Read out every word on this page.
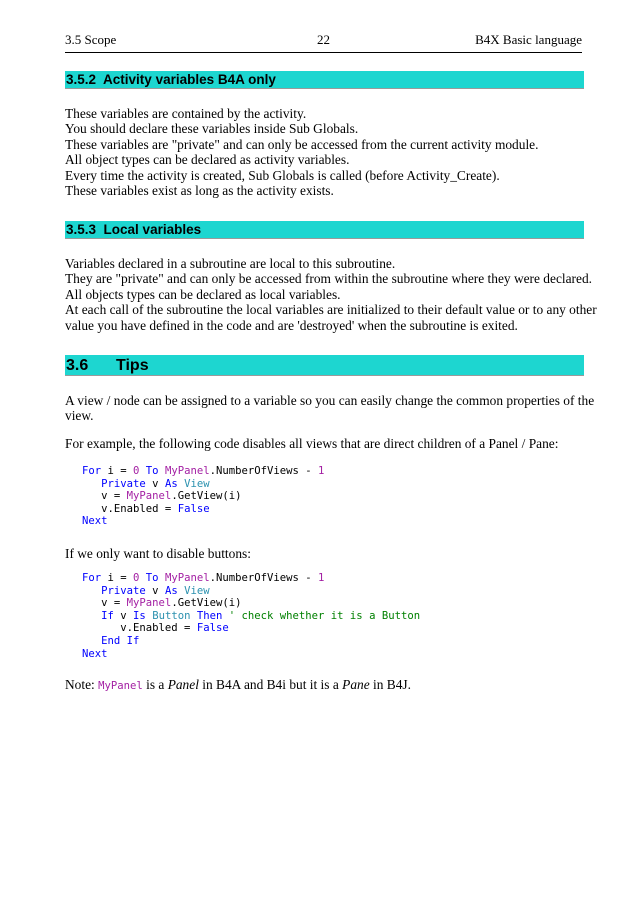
3.5 Scope	22	B4X Basic language
3.5.2 Activity variables B4A only
These variables are contained by the activity.
You should declare these variables inside Sub Globals.
These variables are "private" and can only be accessed from the current activity module.
All object types can be declared as activity variables.
Every time the activity is created, Sub Globals is called (before Activity_Create).
These variables exist as long as the activity exists.
3.5.3 Local variables
Variables declared in a subroutine are local to this subroutine.
They are "private" and can only be accessed from within the subroutine where they were declared.
All objects types can be declared as local variables.
At each call of the subroutine the local variables are initialized to their default value or to any other
value you have defined in the code and are 'destroyed' when the subroutine is exited.
3.6 Tips
A view / node can be assigned to a variable so you can easily change the common properties of the
view.
For example, the following code disables all views that are direct children of a Panel / Pane:
For i = 0 To MyPanel.NumberOfViews - 1
Private v As View
v = MyPanel.GetView(i)
v.Enabled = False
Next
If we only want to disable buttons:
For i = 0 To MyPanel.NumberOfViews - 1
Private v As View
v = MyPanel.GetView(i)
If v Is Button Then ' check whether it is a Button
v.Enabled = False
End If
Next
Note: MyPanel is a Panel in B4A and B4i but it is a Pane in B4J.
